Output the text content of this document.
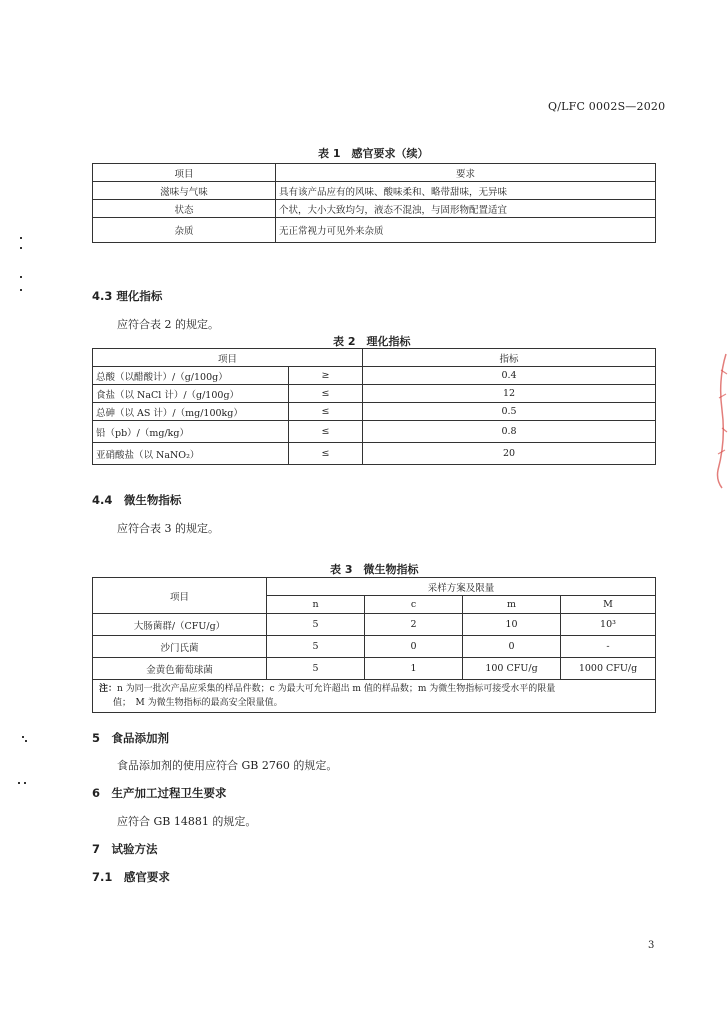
Q/LFC 0002S—2020
表 1　感官要求（续）
项目	要求
滋味与气味	具有该产品应有的风味、酸味柔和、略带甜味，无异味
状态	个状，大小大致均匀，液态不混浊，与固形物配置适宜
杂质	无正常视力可见外来杂质
4.3 理化指标
应符合表 2 的规定。
表 2　理化指标
项目		指标
总酸（以醋酸计）/（g/100g）	≥	0.4
食盐（以 NaCl 计）/（g/100g）	≤	12
总砷（以 AS 计）/（mg/100kg）	≤	0.5
铅（pb）/（mg/kg）	≤	0.8
亚硝酸盐（以 NaNO₂）	≤	20
4.4　微生物指标
应符合表 3 的规定。
表 3　微生物指标
项目	采样方案及限量			
	n	c	m	M
大肠菌群/（CFU/g）	5	2	10	10³
沙门氏菌	5	0	0	-
金黄色葡萄球菌	5	1	100 CFU/g	1000 CFU/g
注：n 为同一批次产品应采集的样品件数；c 为最大可允许超出 m 值的样品数；m 为微生物指标可接受水平的限量
值；　M 为微生物指标的最高安全限量值。				
5　食品添加剂
食品添加剂的使用应符合 GB 2760 的规定。
6　生产加工过程卫生要求
应符合 GB 14881 的规定。
7　试验方法
7.1　感官要求
3
